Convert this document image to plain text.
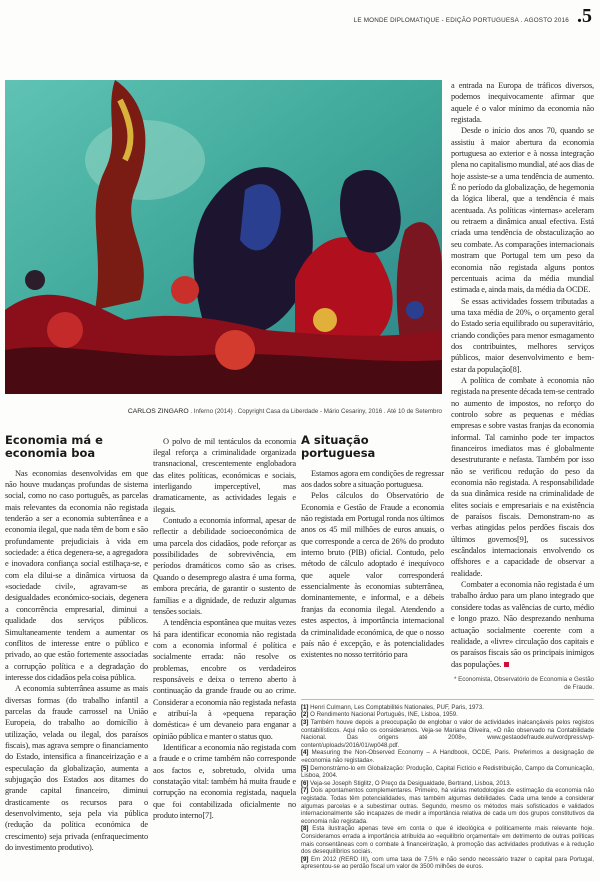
LE MONDE DIPLOMATIQUE - EDIÇÃO PORTUGUESA . AGOSTO 2016 .5
CARLOS ZINGARO . Inferno (2014) . Copyright Casa da Liberdade - Mário Cesariny, 2016 . Até 10 de Setembro
Economia má e economia boa

Nas economias desenvolvidas em que não houve mudanças profundas de sistema social, como no caso português, as parcelas mais relevantes da economia não registada tenderão a ser a economia subterrânea e a economia ilegal, que nada têm de bom e são profundamente prejudiciais à vida em sociedade: a ética degenera-se, a agregadora e inovadora confiança social estilhaça-se, e com ela dilui-se a dinâmica virtuosa da «sociedade civil», agravam-se as desigualdades económico-sociais, degenera a concorrência empresarial, diminui a qualidade dos serviços públicos. Simultaneamente tendem a aumentar os conflitos de interesse entre o público e privado, ao que estão fortemente associadas a corrupção política e a degradação do interesse dos cidadãos pela coisa pública.

A economia subterrânea assume as mais diversas formas (do trabalho infantil a parcelas da fraude carrossel na União Europeia, do trabalho ao domicílio à utilização, velada ou ilegal, dos paraísos fiscais), mas agrava sempre o financiamento do Estado, intensifica a financeirização e a especulação da globalização, aumenta a subjugação dos Estados aos ditames do grande capital financeiro, diminui drasticamente os recursos para o desenvolvimento, seja pela via pública (redução da política económica de crescimento) seja privada (enfraquecimento do investimento produtivo).

O polvo de mil tentáculos da economia ilegal reforça a criminalidade organizada transnacional, crescentemente englobadora das elites políticas, económicas e sociais, interligando imperceptível, mas dramaticamente, as actividades legais e ilegais.

Contudo a economia informal, apesar de reflectir a debilidade socioeconómica de uma parcela dos cidadãos, pode reforçar as possibilidades de sobrevivência, em períodos dramáticos como são as crises. Quando o desemprego alastra é uma forma, embora precária, de garantir o sustento de famílias e a dignidade, de reduzir algumas tensões sociais.

A tendência espontânea que muitas vezes há para identificar economia não registada com a economia informal é política e socialmente errada: não resolve os problemas, encobre os verdadeiros responsáveis e deixa o terreno aberto à continuação da grande fraude ou ao crime. Considerar a economia não registada nefasta e atribuí-la à «pequena reparação doméstica» é um devaneio para enganar a opinião pública e manter o status quo.

Identificar a economia não registada com a fraude e o crime também não corresponde aos factos e, sobretudo, olvida uma constatação vital: também há muita fraude e corrupção na economia registada, naquela que foi contabilizada oficialmente no produto interno[7].

A situação portuguesa

Estamos agora em condições de regressar aos dados sobre a situação portuguesa.

Pelos cálculos do Observatório de Economia e Gestão de Fraude a economia não registada em Portugal ronda nos últimos anos os 45 mil milhões de euros anuais, o que corresponde a cerca de 26% do produto interno bruto (PIB) oficial. Contudo, pelo método de cálculo adoptado é inequívoco que aquele valor corresponderá essencialmente às economias subterrânea, dominantemente, e informal, e a débeis franjas da economia ilegal. Atendendo a estes aspectos, à importância internacional da criminalidade económica, de que o nosso país não é excepção, e às potencialidades existentes no nosso território para

a entrada na Europa de tráficos diversos, podemos inequivocamente afirmar que aquele é o valor mínimo da economia não registada.

Desde o início dos anos 70, quando se assistiu à maior abertura da economia portuguesa ao exterior e à nossa integração plena no capitalismo mundial, até aos dias de hoje assiste-se a uma tendência de aumento. É no período da globalização, de hegemonia da lógica liberal, que a tendência é mais acentuada. As políticas «internas» aceleram ou retraem a dinâmica anual efectiva. Está criada uma tendência de obstaculização ao seu combate. As comparações internacionais mostram que Portugal tem um peso da economia não registada alguns pontos percentuais acima da média mundial estimada e, ainda mais, da média da OCDE.

Se essas actividades fossem tributadas a uma taxa média de 20%, o orçamento geral do Estado seria equilibrado ou superavitário, criando condições para menor esmagamento dos contribuintes, melhores serviços públicos, maior desenvolvimento e bem-estar da população[8].

A política de combate à economia não registada na presente década tem-se centrado no aumento de impostos, no reforço do controlo sobre as pequenas e médias empresas e sobre vastas franjas da economia informal. Tal caminho pode ter impactos financeiros imediatos mas é globalmente desestruturante e nefasta. Também por isso não se verificou redução do peso da economia não registada. A responsabilidade da sua dinâmica reside na criminalidade de elites sociais e empresariais e na existência de paraísos fiscais. Demonstram-no as verbas atingidas pelos perdões fiscais dos últimos governos[9], os sucessivos escândalos internacionais envolvendo os offshores e a capacidade de observar a realidade.

Combater a economia não registada é um trabalho árduo para um plano integrado que considere todas as valências de curto, médio e longo prazo. Não desprezando nenhuma actuação socialmente coerente com a realidade, a «livre» circulação dos capitais e os paraísos fiscais são os principais inimigos das populações.

* Economista, Observatório de Economia e Gestão de Fraude.
[1] Henri Culmann, Les Comptabilités Nationales, PUF, Paris, 1973.
[2] O Rendimento Nacional Português, INE, Lisboa, 1959.
[3] Também houve depois a preocupação de englobar o valor de actividades inalcançáveis pelos registos contabilísticos. Aqui não os consideramos. Veja-se Mariana Oliveira, «O não observado na Contabilidade Nacional. Das origens até 2008», www.gestaodefraude.eu/wordpress/wp-content/uploads/2016/01/wp048.pdf.
[4] Measuring the Non-Observed Economy – A Handbook, OCDE, Paris. Preferimos a designação de «economia não registada».
[5] Demonstrámo-lo em Globalização: Produção, Capital Fictício e Redistribuição, Campo da Comunicação, Lisboa, 2004.
[6] Veja-se Joseph Stiglitz, O Preço da Desigualdade, Bertrand, Lisboa, 2013.
[7] Dois apontamentos complementares. Primeiro, há várias metodologias de estimação da economia não registada. Todas têm potencialidades, mas também algumas debilidades. Cada uma tende a considerar algumas parcelas e a subestimar outras. Segundo, mesmo os métodos mais sofisticados e validados internacionalmente são incapazes de medir a importância relativa de cada um dos grupos constitutivos da economia não registada.
[8] Esta ilustração apenas teve em conta o que é ideológica e politicamente mais relevante hoje. Consideramos errada a importância atribuída ao «equilíbrio orçamental» em detrimento de outras políticas mais consentâneas com o combate à financeirização, à promoção das actividades produtivas e à redução dos desequilíbrios sociais.
[9] Em 2012 (RERD III), com uma taxa de 7,5% e não sendo necessário trazer o capital para Portugal, apresentou-se ao perdão fiscal um valor de 3500 milhões de euros.
